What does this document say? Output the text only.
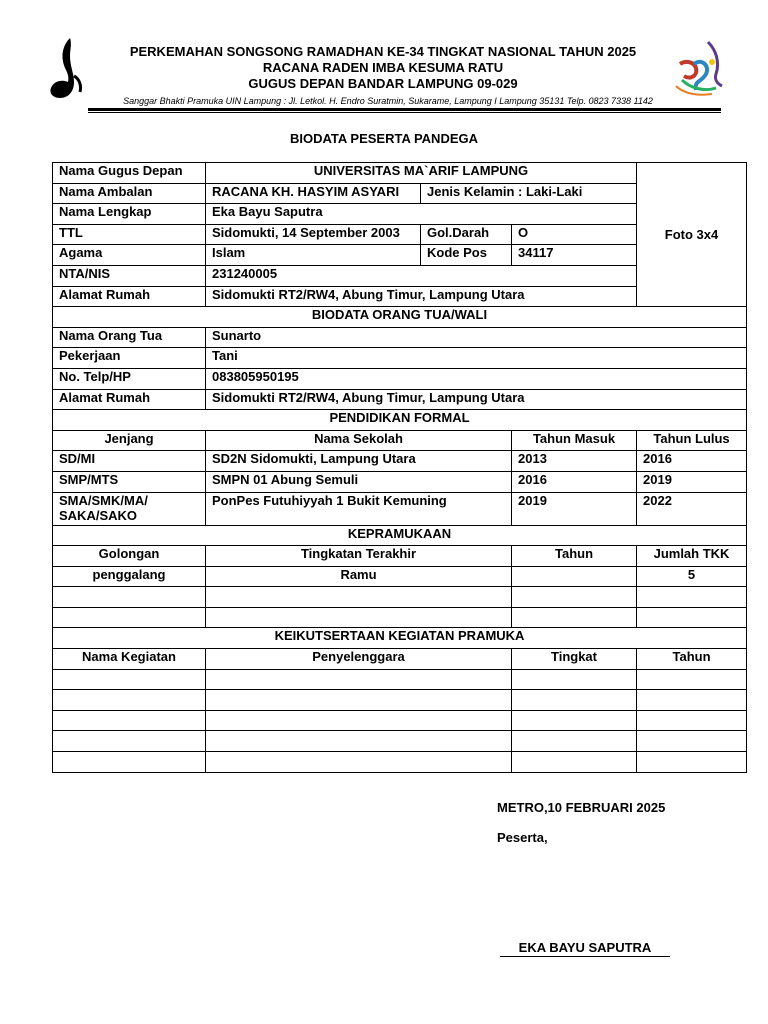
PERKEMAHAN SONGSONG RAMADHAN KE-34 TINGKAT NASIONAL TAHUN 2025
RACANA RADEN IMBA KESUMA RATU
GUGUS DEPAN BANDAR LAMPUNG 09-029
Sanggar Bhakti Pramuka UIN Lampung : Jl. Letkol. H. Endro Suratmin, Sukarame, Lampung I Lampung 35131 Telp. 0823 7338 1142
BIODATA PESERTA PANDEGA
Nama Gugus Depan	UNIVERSITAS MA`ARIF LAMPUNG			Foto 3x4
Nama Ambalan	RACANA KH. HASYIM ASYARI	Jenis Kelamin : Laki-Laki		
Nama Lengkap	Eka Bayu Saputra			
TTL	Sidomukti, 14 September 2003	Gol.Darah	O	
Agama	Islam	Kode Pos	34117	
NTA/NIS	231240005			
Alamat Rumah	Sidomukti RT2/RW4, Abung Timur, Lampung Utara			
BIODATA ORANG TUA/WALI				
Nama Orang Tua	Sunarto			
Pekerjaan	Tani			
No. Telp/HP	083805950195			
Alamat Rumah	Sidomukti RT2/RW4, Abung Timur, Lampung Utara			
PENDIDIKAN FORMAL				
Jenjang	Nama Sekolah		Tahun Masuk	Tahun Lulus
SD/MI	SD2N Sidomukti, Lampung Utara		2013	2016
SMP/MTS	SMPN 01 Abung Semuli		2016	2019
SMA/SMK/MA/ SAKA/SAKO	PonPes Futuhiyyah 1 Bukit Kemuning		2019	2022
KEPRAMUKAAN				
Golongan	Tingkatan Terakhir		Tahun	Jumlah TKK
penggalang	Ramu			5

KEIKUTSERTAAN KEGIATAN PRAMUKA				
Nama Kegiatan	Penyelenggara		Tingkat	Tahun

METRO,10 FEBRUARI 2025
Peserta,
EKA BAYU SAPUTRA
